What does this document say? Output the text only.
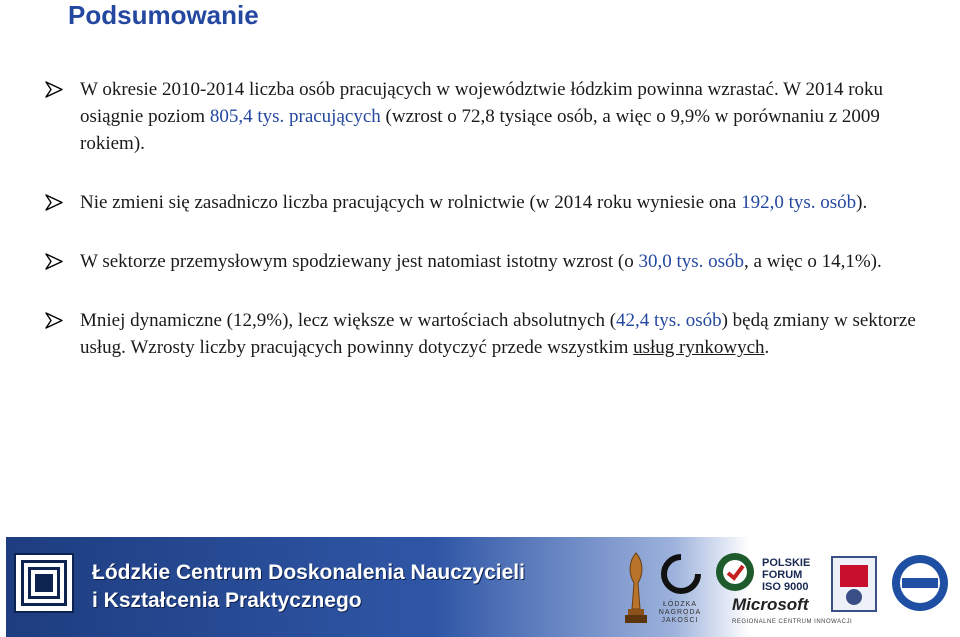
Podsumowanie
W okresie 2010-2014 liczba osób pracujących w województwie łódzkim powinna wzrastać. W 2014 roku osiągnie poziom 805,4 tys. pracujących (wzrost o 72,8 tysiące osób, a więc o 9,9% w porównaniu z 2009 rokiem).
Nie zmieni się zasadniczo liczba pracujących w rolnictwie (w 2014 roku wyniesie ona 192,0 tys. osób).
W sektorze przemysłowym spodziewany jest natomiast istotny wzrost (o 30,0 tys. osób, a więc o 14,1%).
Mniej dynamiczne (12,9%), lecz większe w wartościach absolutnych (42,4 tys. osób) będą zmiany w sektorze usług. Wzrosty liczby pracujących powinny dotyczyć przede wszystkim usług rynkowych.
Łódzkie Centrum Doskonalenia Nauczycieli
i Kształcenia Praktycznego	ŁÓDZKA NAGRODA JAKOŚCI
POLSKIE
FORUM
ISO 9000
Microsoft
REGIONALNE CENTRUM INNOWACJI
